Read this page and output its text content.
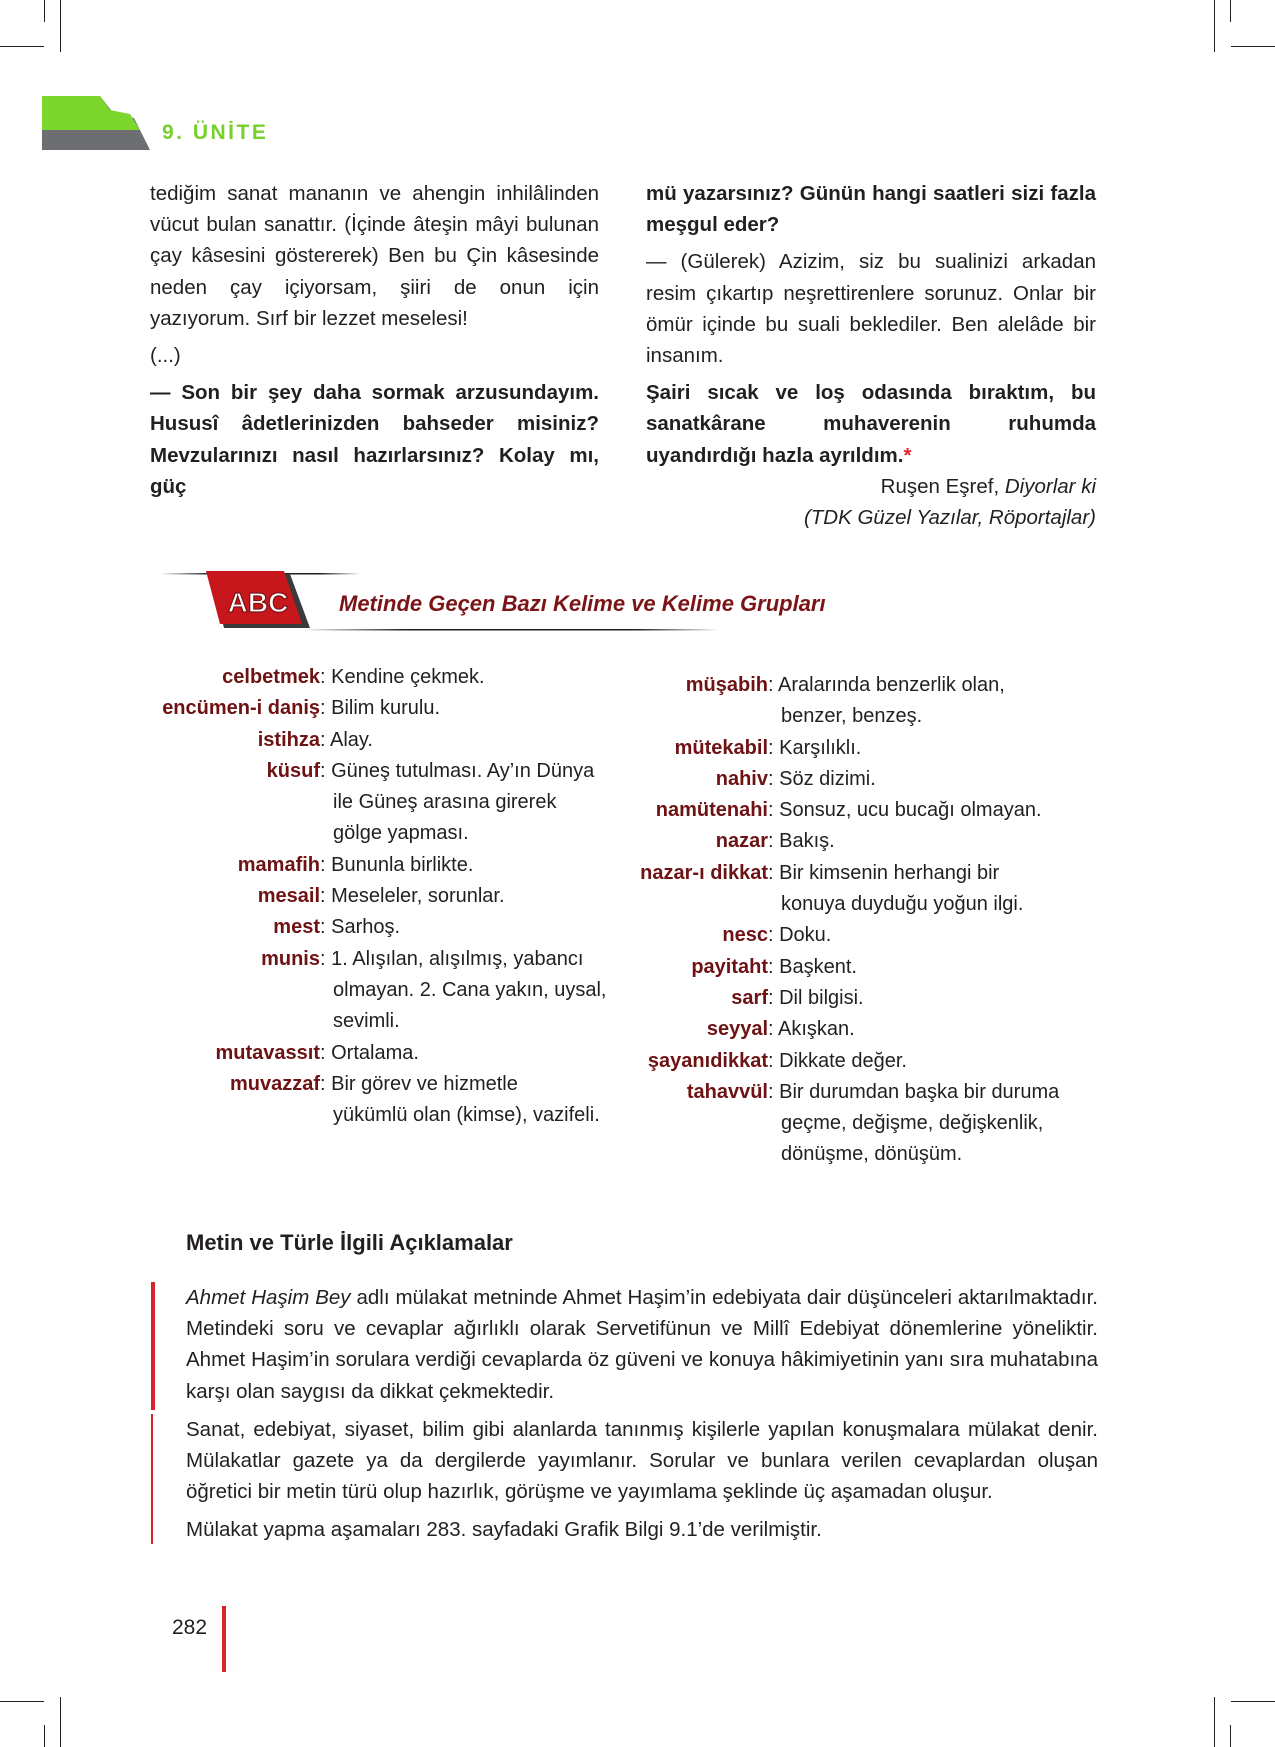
9. ÜNİTE

tediğim sanat mananın ve ahengin inhilâlinden vücut bulan sanattır. (İçinde âteşin mâyi bulunan çay kâsesini göstererek) Ben bu Çin kâsesinde neden çay içiyorsam, şiiri de onun için yazıyorum. Sırf bir lezzet meselesi!

(...)

— Son bir şey daha sormak arzusundayım. Hususî âdetlerinizden bahseder misiniz? Mevzularınızı nasıl hazırlarsınız? Kolay mı, güç

mü yazarsınız? Günün hangi saatleri sizi fazla meşgul eder?

— (Gülerek) Azizim, siz bu sualinizi arkadan resim çıkartıp neşrettirenlere sorunuz. Onlar bir ömür içinde bu suali beklediler. Ben alelâde bir insanım.

Şairi sıcak ve loş odasında bıraktım, bu sanatkârane muhaverenin ruhumda uyandırdığı hazla ayrıldım.*

Ruşen Eşref, Diyorlar ki
(TDK Güzel Yazılar, Röportajlar)
ABC Metinde Geçen Bazı Kelime ve Kelime Grupları
celbetmek : Kendine çekmek.
encümen-i daniş : Bilim kurulu.
istihza : Alay.
küsuf : Güneş tutulması. Ay’ın Dünya
ile Güneş arasına girerek
gölge yapması.
mamafih : Bununla birlikte.
mesail : Meseleler, sorunlar.
mest : Sarhoş.
munis : 1. Alışılan, alışılmış, yabancı
olmayan. 2. Cana yakın, uysal,
sevimli.
mutavassıt : Ortalama.
muvazzaf : Bir görev ve hizmetle
yükümlü olan (kimse), vazifeli.
müşabih : Aralarında benzerlik olan,
benzer, benzeş.
mütekabil : Karşılıklı.
nahiv : Söz dizimi.
namütenahi : Sonsuz, ucu bucağı olmayan.
nazar : Bakış.
nazar-ı dikkat : Bir kimsenin herhangi bir
konuya duyduğu yoğun ilgi.
nesc : Doku.
payitaht : Başkent.
sarf : Dil bilgisi.
seyyal : Akışkan.
şayanıdikkat : Dikkate değer.
tahavvül : Bir durumdan başka bir duruma
geçme, değişme, değişkenlik,
dönüşme, dönüşüm.
Metin ve Türle İlgili Açıklamalar

Ahmet Haşim Bey adlı mülakat metninde Ahmet Haşim’in edebiyata dair düşünceleri aktarılmaktadır. Metindeki soru ve cevaplar ağırlıklı olarak Servetifünun ve Millî Edebiyat dönemlerine yöneliktir. Ahmet Haşim’in sorulara verdiği cevaplarda öz güveni ve konuya hâkimiyetinin yanı sıra muhatabına karşı olan saygısı da dikkat çekmektedir.

Sanat, edebiyat, siyaset, bilim gibi alanlarda tanınmış kişilerle yapılan konuşmalara mülakat denir. Mülakatlar gazete ya da dergilerde yayımlanır. Sorular ve bunlara verilen cevaplardan oluşan öğretici bir metin türü olup hazırlık, görüşme ve yayımlama şeklinde üç aşamadan oluşur.

Mülakat yapma aşamaları 283. sayfadaki Grafik Bilgi 9.1’de verilmiştir.

282
